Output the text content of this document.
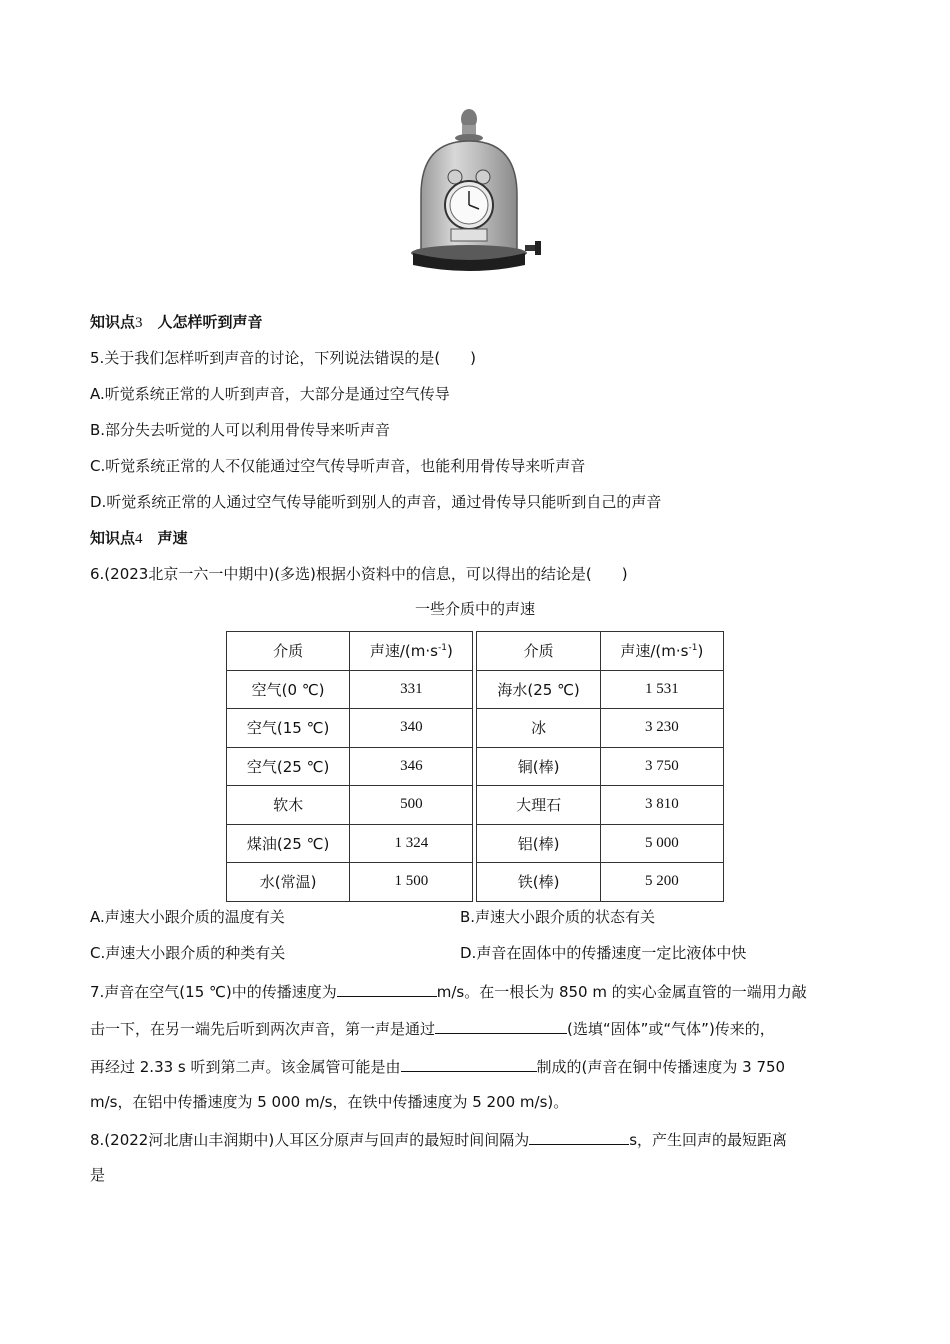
知识点3　 人怎样听到声音
5.关于我们怎样听到声音的讨论，下列说法错误的是(　　)
A.听觉系统正常的人听到声音，大部分是通过空气传导
B.部分失去听觉的人可以利用骨传导来听声音
C.听觉系统正常的人不仅能通过空气传导听声音，也能利用骨传导来听声音
D.听觉系统正常的人通过空气传导能听到别人的声音，通过骨传导只能听到自己的声音
知识点4　 声速
6.(2023北京一六一中期中)(多选)根据小资料中的信息，可以得出的结论是(　　)
一些介质中的声速
介质	声速$/(m\cdot s^{-1})$		介质	声速$/(m\cdot s^{-1})$
空气(0 ℃)	331		海水(25 ℃)	1 531
空气(15 ℃)	340		冰	3 230
空气(25 ℃)	346		铜(棒)	3 750
软木	500		大理石	3 810
煤油(25 ℃)	1 324		铝(棒)	5 000
水(常温)	1 500		铁(棒)	5 200
A.声速大小跟介质的温度有关	B.声速大小跟介质的状态有关
C.声速大小跟介质的种类有关	D.声音在固体中的传播速度一定比液体中快
7.声音在空气(15 ℃)中的传播速度为	m/s。在一根长为 850 m 的实心金属直管的一端用力敲
击一下，在另一端先后听到两次声音，第一声是通过	(选填“固体”或“气体”)传来的，
再经过 2.33 s 听到第二声。该金属管可能是由	制成的(声音在铜中传播速度为 3 750
m/s，在铝中传播速度为 5 000 m/s，在铁中传播速度为 5 200 m/s)。
8.(2022河北唐山丰润期中)人耳区分原声与回声的最短时间间隔为	s，产生回声的最短距离
是
